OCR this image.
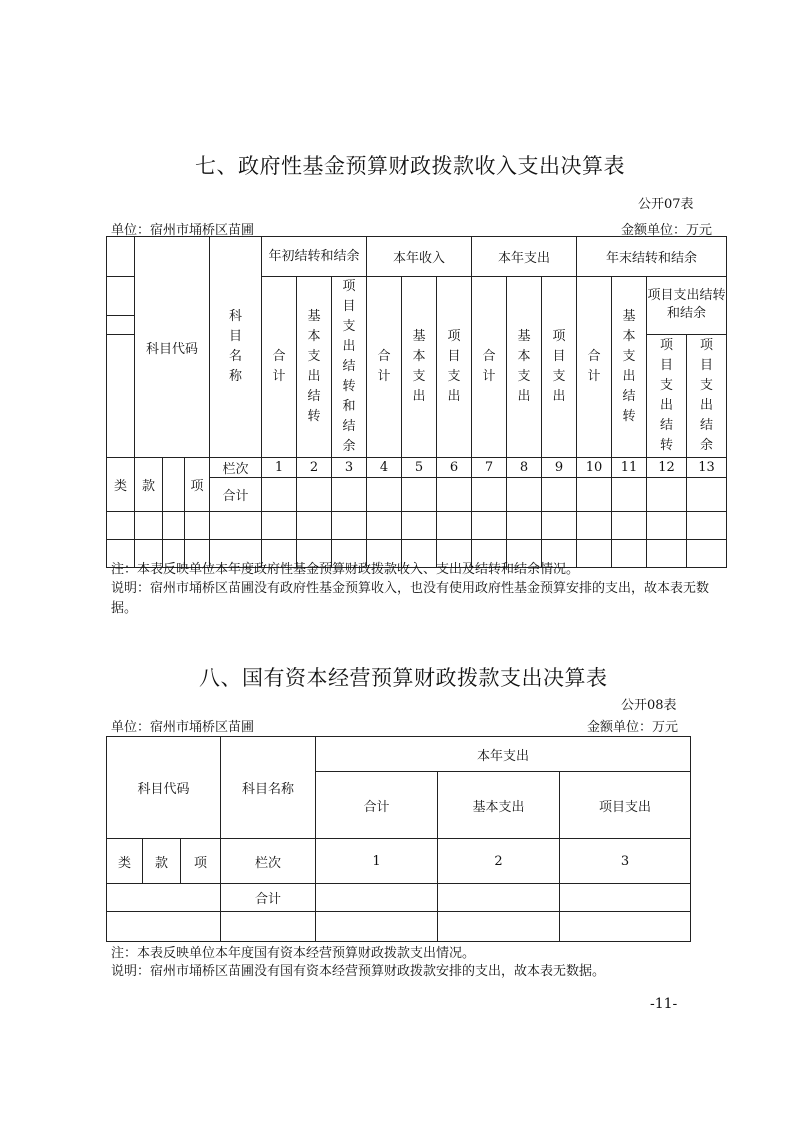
七、政府性基金预算财政拨款收入支出决算表
公开07表
单位：宿州市埇桥区苗圃	金额单位：万元
	科目代码			科目名称	年初结转和结余			本年收入			本年支出			年末结转和结余			
					合计	基本支出结转	项目支出结转和结余	合计	基本支出	项目支出	合计	基本支出	项目支出	合计	基本支出结转	项目支出结转和结余	

																项目支出结转	项目支出结余
类	款		项	栏次	1	2	3	4	5	6	7	8	9	10	11	12	13
				合计													

注：本表反映单位本年度政府性基金预算财政拨款收入、支出及结转和结余情况。
说明：宿州市埇桥区苗圃没有政府性基金预算收入，也没有使用政府性基金预算安排的支出，故本表无数据。
八、国有资本经营预算财政拨款支出决算表
公开08表
单位：宿州市埇桥区苗圃	金额单位：万元
科目代码			科目名称	本年支出		
				合计	基本支出	项目支出
类	款	项	栏次	1	2	3
			合计			

注：本表反映单位本年度国有资本经营预算财政拨款支出情况。
说明：宿州市埇桥区苗圃没有国有资本经营预算财政拨款安排的支出，故本表无数据。
-11-
